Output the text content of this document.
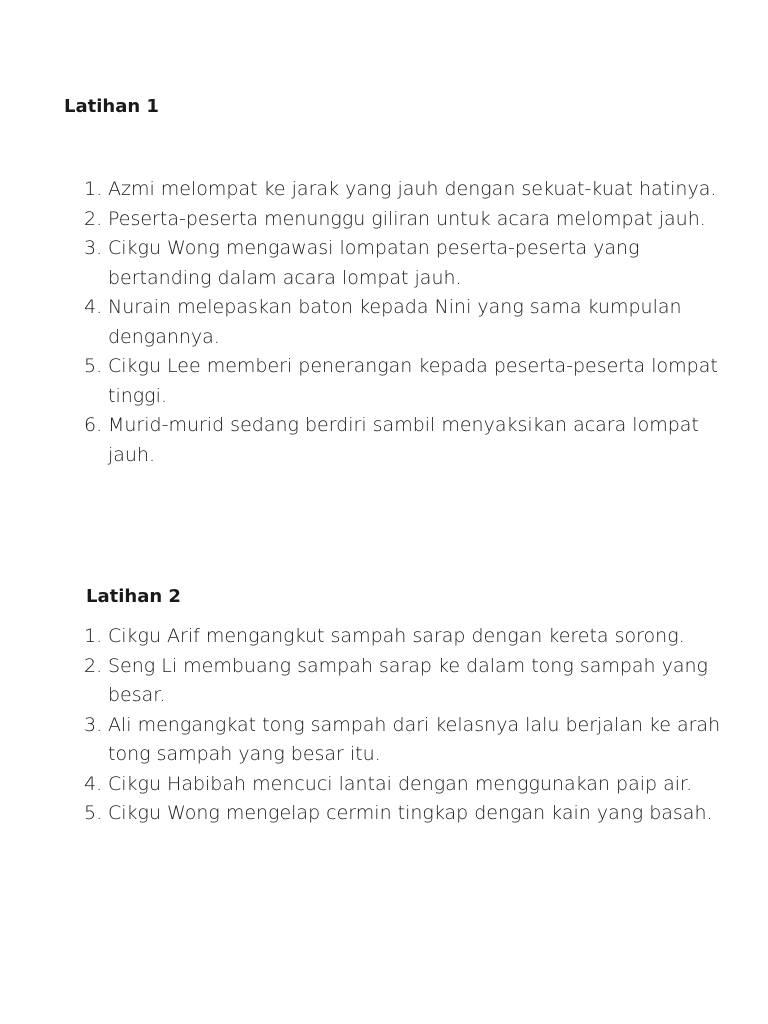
Latihan 1
1. Azmi melompat ke jarak yang jauh dengan sekuat-kuat hatinya.
2. Peserta-peserta menunggu giliran untuk acara melompat jauh.
3. Cikgu Wong mengawasi lompatan peserta-peserta yang bertanding dalam acara lompat jauh.
4. Nurain melepaskan baton kepada Nini yang sama kumpulan dengannya.
5. Cikgu Lee memberi penerangan kepada peserta-peserta lompat tinggi.
6. Murid-murid sedang berdiri sambil menyaksikan acara lompat jauh.
Latihan 2
1. Cikgu Arif mengangkut sampah sarap dengan kereta sorong.
2. Seng Li membuang sampah sarap ke dalam tong sampah yang besar.
3. Ali mengangkat tong sampah dari kelasnya lalu berjalan ke arah tong sampah yang besar itu.
4. Cikgu Habibah mencuci lantai dengan menggunakan paip air.
5. Cikgu Wong mengelap cermin tingkap dengan kain yang basah.
